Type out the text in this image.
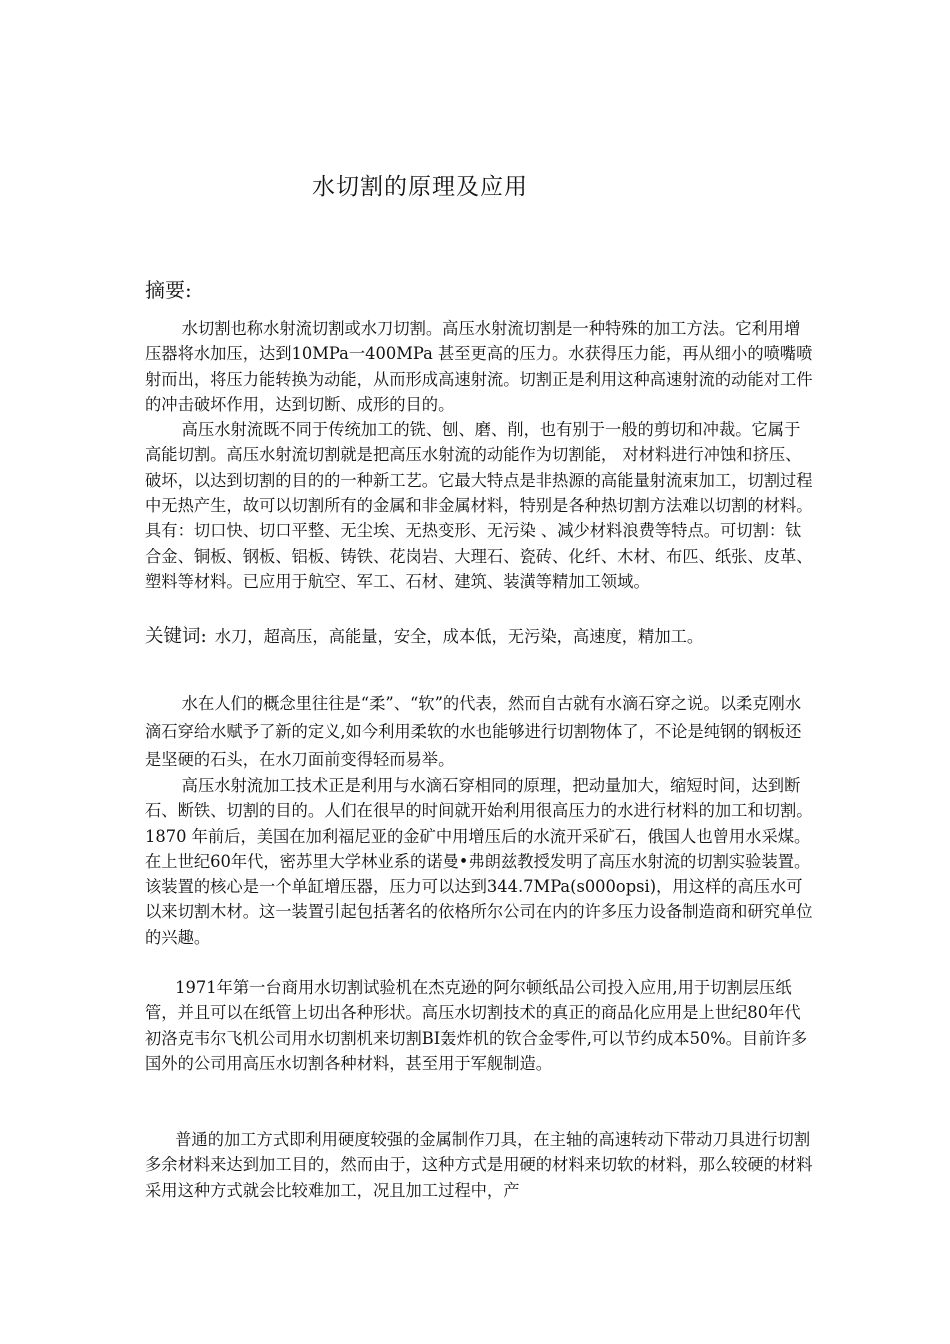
水切割的原理及应用
摘要:

水切割也称水射流切割或水刀切割。高压水射流切割是一种特殊的加工方法。它利用增压器将水加压，达到10MPa一400MPa 甚至更高的压力。水获得压力能，再从细小的喷嘴喷射而出，将压力能转换为动能，从而形成高速射流。切割正是利用这种高速射流的动能对工件的冲击破坏作用，达到切断、成形的目的。

高压水射流既不同于传统加工的铣、刨、磨、削，也有别于一般的剪切和冲裁。它属于高能切割。高压水射流切割就是把高压水射流的动能作为切割能， 对材料进行冲蚀和挤压、破坏，以达到切割的目的的一种新工艺。它最大特点是非热源的高能量射流束加工，切割过程中无热产生，故可以切割所有的金属和非金属材料，特别是各种热切割方法难以切割的材料。具有：切口快、切口平整、无尘埃、无热变形、无污染 、减少材料浪费等特点。可切割：钛合金、铜板、钢板、铝板、铸铁、花岗岩、大理石、瓷砖、化纤、木材、布匹、纸张、皮革、塑料等材料。已应用于航空、军工、石材、建筑、装潢等精加工领域。

关键词: 水刀，超高压，高能量，安全，成本低，无污染，高速度，精加工。

水在人们的概念里往往是“柔”、“软”的代表，然而自古就有水滴石穿之说。以柔克刚水滴石穿给水赋予了新的定义,如今利用柔软的水也能够进行切割物体了，不论是纯钢的钢板还是坚硬的石头，在水刀面前变得轻而易举。

高压水射流加工技术正是利用与水滴石穿相同的原理，把动量加大，缩短时间，达到断石、断铁、切割的目的。人们在很早的时间就开始利用很高压力的水进行材料的加工和切割。1870 年前后，美国在加利福尼亚的金矿中用增压后的水流开采矿石，俄国人也曾用水采煤。在上世纪60年代，密苏里大学林业系的诺曼•弗朗兹教授发明了高压水射流的切割实验装置。该装置的核心是一个单缸增压器，压力可以达到344.7MPa(s000opsi)，用这样的高压水可以来切割木材。这一装置引起包括著名的依格所尔公司在内的许多压力设备制造商和研究单位的兴趣。

1971年第一台商用水切割试验机在杰克逊的阿尔顿纸品公司投入应用,用于切割层压纸

管，并且可以在纸管上切出各种形状。高压水切割技术的真正的商品化应用是上世纪80年代初洛克韦尔飞机公司用水切割机来切割BI轰炸机的钦合金零件,可以节约成本50%。目前许多国外的公司用高压水切割各种材料，甚至用于军舰制造。

普通的加工方式即利用硬度较强的金属制作刀具，在主轴的高速转动下带动刀具进行切割多余材料来达到加工目的，然而由于，这种方式是用硬的材料来切软的材料，那么较硬的材料采用这种方式就会比较难加工，况且加工过程中，产
